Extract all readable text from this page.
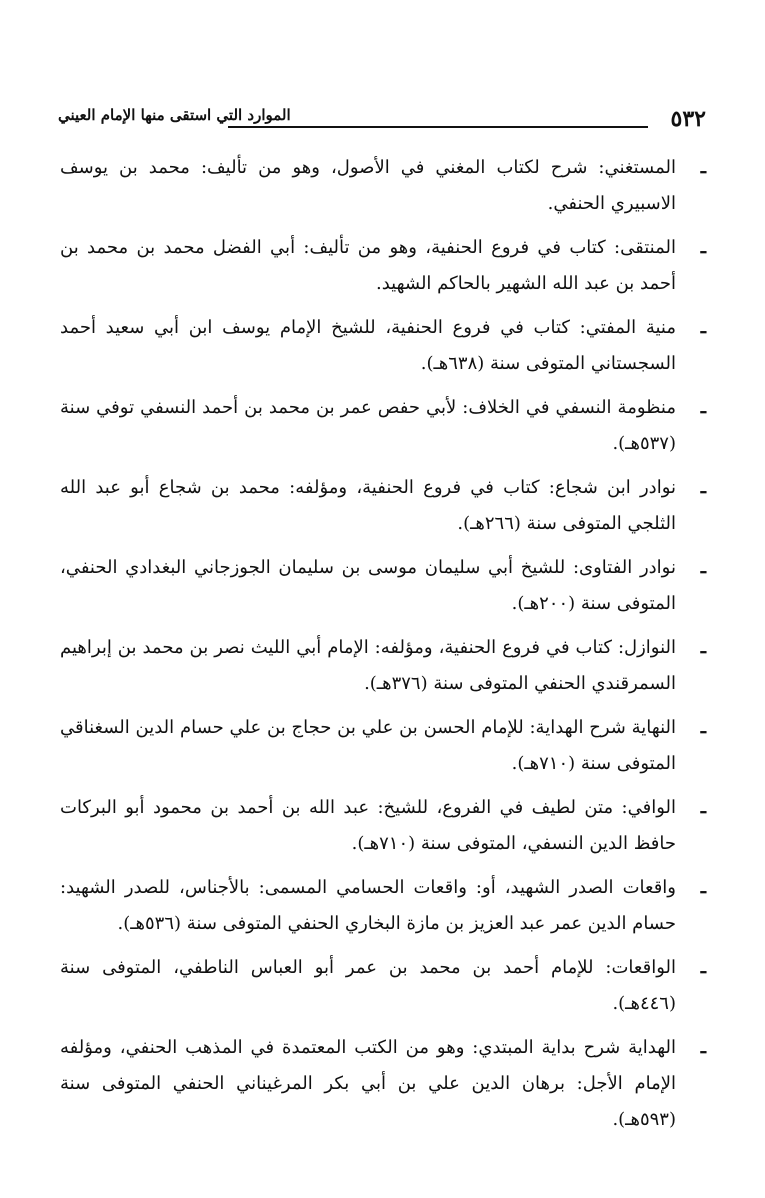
٥٣٢
الموارد التي استقى منها الإمام العيني
ـ
المستغني: شرح لكتاب المغني في الأصول، وهو من تأليف: محمد بن يوسف الاسبيري الحنفي.
ـ
المنتقى: كتاب في فروع الحنفية، وهو من تأليف: أبي الفضل محمد بن محمد بن أحمد بن عبد الله الشهير بالحاكم الشهيد.
ـ
منية المفتي: كتاب في فروع الحنفية، للشيخ الإمام يوسف ابن أبي سعيد أحمد السجستاني المتوفى سنة (٦٣٨هـ).
ـ
منظومة النسفي في الخلاف: لأبي حفص عمر بن محمد بن أحمد النسفي توفي سنة (٥٣٧هـ).
ـ
نوادر ابن شجاع: كتاب في فروع الحنفية، ومؤلفه: محمد بن شجاع أبو عبد الله الثلجي المتوفى سنة (٢٦٦هـ).
ـ
نوادر الفتاوى: للشيخ أبي سليمان موسى بن سليمان الجوزجاني البغدادي الحنفي، المتوفى سنة (٢٠٠هـ).
ـ
النوازل: كتاب في فروع الحنفية، ومؤلفه: الإمام أبي الليث نصر بن محمد بن إبراهيم السمرقندي الحنفي المتوفى سنة (٣٧٦هـ).
ـ
النهاية شرح الهداية: للإمام الحسن بن علي بن حجاج بن علي حسام الدين السغناقي المتوفى سنة (٧١٠هـ).
ـ
الوافي: متن لطيف في الفروع، للشيخ: عبد الله بن أحمد بن محمود أبو البركات حافظ الدين النسفي، المتوفى سنة (٧١٠هـ).
ـ
واقعات الصدر الشهيد، أو: واقعات الحسامي المسمى: بالأجناس، للصدر الشهيد: حسام الدين عمر عبد العزيز بن مازة البخاري الحنفي المتوفى سنة (٥٣٦هـ).
ـ
الواقعات: للإمام أحمد بن محمد بن عمر أبو العباس الناطفي، المتوفى سنة (٤٤٦هـ).
ـ
الهداية شرح بداية المبتدي: وهو من الكتب المعتمدة في المذهب الحنفي، ومؤلفه الإمام الأجل: برهان الدين علي بن أبي بكر المرغيناني الحنفي المتوفى سنة (٥٩٣هـ).
